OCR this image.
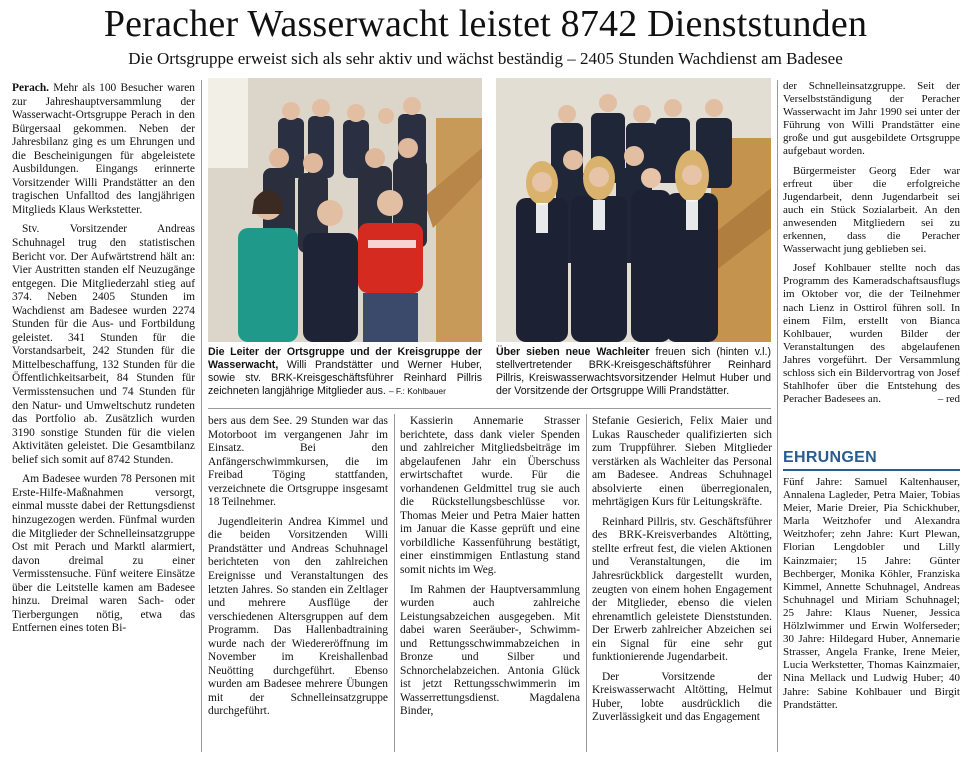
Peracher Wasserwacht leistet 8742 Dienststunden
Die Ortsgruppe erweist sich als sehr aktiv und wächst beständig – 2405 Stunden Wachdienst am Badesee

Perach. Mehr als 100 Besucher waren zur Jahreshauptversammlung der Wasserwacht-Ortsgruppe Perach in den Bürgersaal gekommen. Neben der Jahresbilanz ging es um Ehrungen und die Bescheinigungen für abgeleistete Ausbildungen. Eingangs erinnerte Vorsitzender Willi Prandstätter an den tragischen Unfalltod des langjährigen Mitglieds Klaus Werkstetter.

Stv. Vorsitzender Andreas Schuhnagel trug den statistischen Bericht vor. Der Aufwärtstrend hält an: Vier Austritten standen elf Neuzugänge entgegen. Die Mitgliederzahl stieg auf 374. Neben 2405 Stunden im Wachdienst am Badesee wurden 2274 Stunden für die Aus- und Fortbildung geleistet. 341 Stunden für die Vorstandsarbeit, 242 Stunden für die Mittelbeschaffung, 132 Stunden für die Öffentlichkeitsarbeit, 84 Stunden für Vermisstensuchen und 74 Stunden für den Natur- und Umweltschutz rundeten das Portfolio ab. Zusätzlich wurden 3190 sonstige Stunden für die vielen Aktivitäten geleistet. Die Gesamtbilanz belief sich somit auf 8742 Stunden.

Am Badesee wurden 78 Personen mit Erste-Hilfe-Maßnahmen versorgt, einmal musste dabei der Rettungsdienst hinzugezogen werden. Fünfmal wurden die Mitglieder der Schnelleinsatzgruppe Ost mit Perach und Marktl alarmiert, davon dreimal zu einer Vermisstensuche. Fünf weitere Einsätze über die Leitstelle kamen am Badesee hinzu. Dreimal waren Sach- oder Tierbergungen nötig, etwa das Entfernen eines toten Bi-

Die Leiter der Ortsgruppe und der Kreisgruppe der Wasserwacht, Willi Prandstätter und Werner Huber, sowie stv. BRK-Kreisgeschäftsführer Reinhard Pillris zeichneten langjährige Mitglieder aus. – F.: Kohlbauer
Über sieben neue Wachleiter freuen sich (hinten v.l.) stellvertretender BRK-Kreisgeschäftsführer Reinhard Pillris, Kreiswasserwachtsvorsitzender Helmut Huber und der Vorsitzende der Ortsgruppe Willi Prandstätter.

bers aus dem See. 29 Stunden war das Motorboot im vergangenen Jahr im Einsatz. Bei den Anfängerschwimmkursen, die im Freibad Töging stattfanden, verzeichnete die Ortsgruppe insgesamt 18 Teilnehmer.

Jugendleiterin Andrea Kimmel und die beiden Vorsitzenden Willi Prandstätter und Andreas Schuhnagel berichteten von den zahlreichen Ereignisse und Veranstaltungen des letzten Jahres. So standen ein Zeltlager und mehrere Ausflüge der verschiedenen Altersgruppen auf dem Programm. Das Hallenbadtraining wurde nach der Wiedereröffnung im November im Kreishallenbad Neuötting durchgeführt. Ebenso wurden am Badesee mehrere Übungen mit der Schnelleinsatzgruppe durchgeführt.

Kassierin Annemarie Strasser berichtete, dass dank vieler Spenden und zahlreicher Mitgliedsbeiträge im abgelaufenen Jahr ein Überschuss erwirtschaftet wurde. Für die vorhandenen Geldmittel trug sie auch die Rückstellungsbeschlüsse vor. Thomas Meier und Petra Maier hatten im Januar die Kasse geprüft und eine vorbildliche Kassenführung bestätigt, einer einstimmigen Entlastung stand somit nichts im Weg.

Im Rahmen der Hauptversammlung wurden auch zahlreiche Leistungsabzeichen ausgegeben. Mit dabei waren Seeräuber-, Schwimm- und Rettungsschwimmabzeichen in Bronze und Silber und Schnorchelabzeichen. Antonia Glück ist jetzt Rettungsschwimmerin im Wasserrettungsdienst. Magdalena Binder,

Stefanie Gesierich, Felix Maier und Lukas Rauscheder qualifizierten sich zum Truppführer. Sieben Mitglieder verstärken als Wachleiter das Personal am Badesee. Andreas Schuhnagel absolvierte einen überregionalen, mehrtägigen Kurs für Leitungskräfte.

Reinhard Pillris, stv. Geschäftsführer des BRK-Kreisverbandes Altötting, stellte erfreut fest, die vielen Aktionen und Veranstaltungen, die im Jahresrückblick dargestellt wurden, zeugten von einem hohen Engagement der Mitglieder, ebenso die vielen ehrenamtlich geleistete Dienststunden. Der Erwerb zahlreicher Abzeichen sei ein Signal für eine sehr gut funktionierende Jugendarbeit.

Der Vorsitzende der Kreiswasserwacht Altötting, Helmut Huber, lobte ausdrücklich die Zuverlässigkeit und das Engagement

der Schnelleinsatzgruppe. Seit der Verselbstständigung der Peracher Wasserwacht im Jahr 1990 sei unter der Führung von Willi Prandstätter eine große und gut ausgebildete Ortsgruppe aufgebaut worden.

Bürgermeister Georg Eder war erfreut über die erfolgreiche Jugendarbeit, denn Jugendarbeit sei auch ein Stück Sozialarbeit. An den anwesenden Mitgliedern sei zu erkennen, dass die Peracher Wasserwacht jung geblieben sei.

Josef Kohlbauer stellte noch das Programm des Kameradschaftsausflugs im Oktober vor, die der Teilnehmer nach Lienz in Osttirol führen soll. In einem Film, erstellt von Bianca Kohlbauer, wurden Bilder der Veranstaltungen des abgelaufenen Jahres vorgeführt. Der Versammlung schloss sich ein Bildervortrag von Josef Stahlhofer über die Entstehung des Peracher Badesees an.	– red

EHRUNGEN

Fünf Jahre: Samuel Kaltenhauser, Annalena Lagleder, Petra Maier, Tobias Meier, Marie Dreier, Pia Schickhuber, Marla Weitzhofer und Alexandra Weitzhofer; zehn Jahre: Kurt Plewan, Florian Lengdobler und Lilly Kainzmaier; 15 Jahre: Günter Bechberger, Monika Köhler, Franziska Kimmel, Annette Schuhnagel, Andreas Schuhnagel und Miriam Schuhnagel; 25 Jahre: Klaus Nuener, Jessica Hölzlwimmer und Erwin Wolferseder; 30 Jahre: Hildegard Huber, Annemarie Strasser, Angela Franke, Irene Meier, Lucia Werkstetter, Thomas Kainzmaier, Nina Mellack und Ludwig Huber; 40 Jahre: Sabine Kohlbauer und Birgit Prandstätter.
